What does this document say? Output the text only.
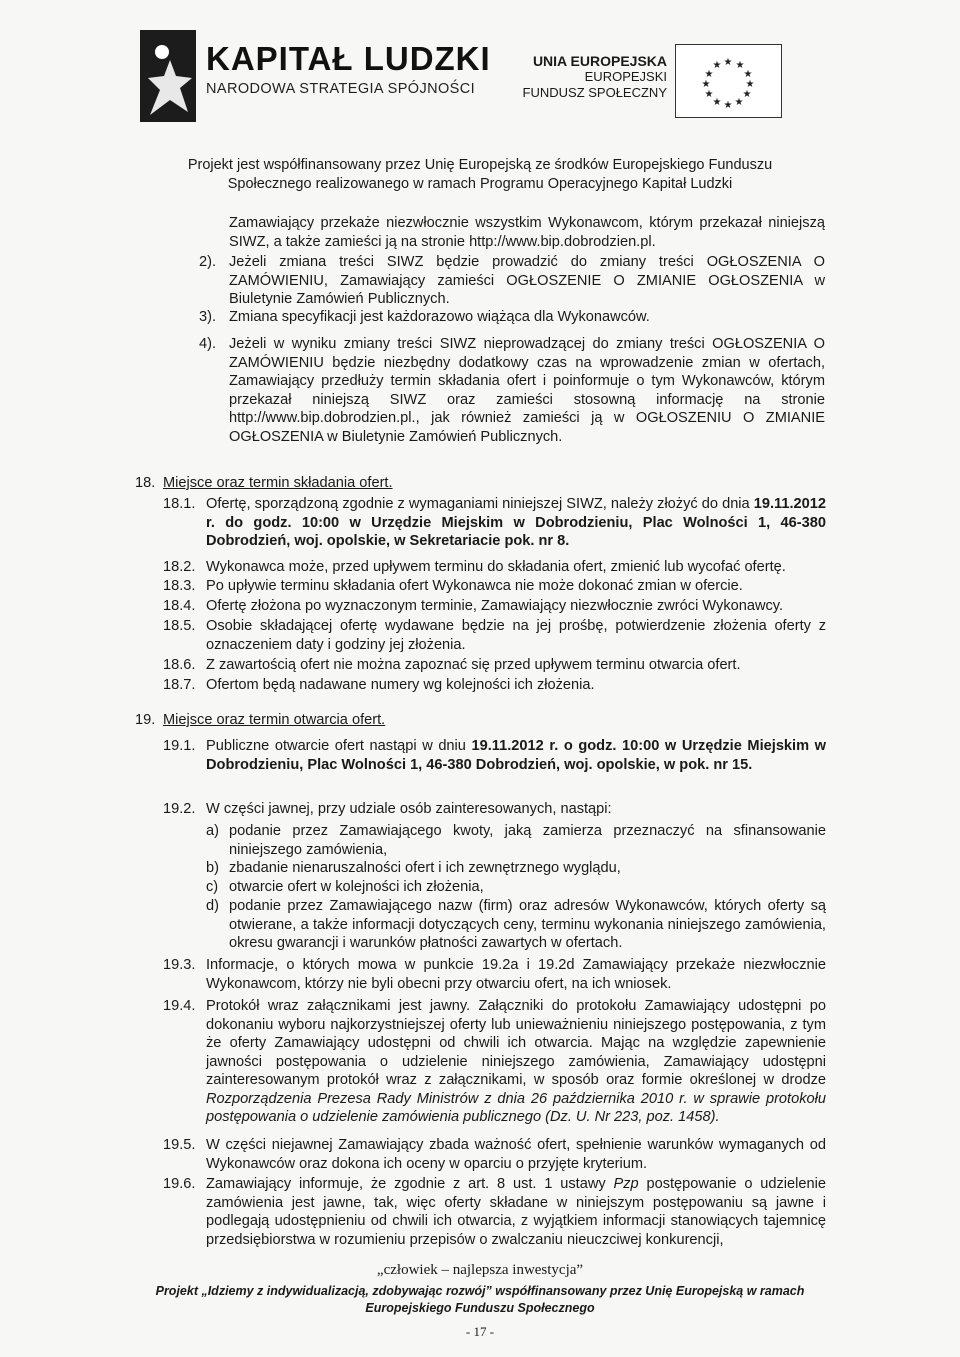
KAPITAŁ LUDZKI
NARODOWA STRATEGIA SPÓJNOŚCI
UNIA EUROPEJSKA
EUROPEJSKI
FUNDUSZ SPOŁECZNY
★ ★
★
★
★
★
★
★
★
★
★
★
Projekt jest współfinansowany przez Unię Europejską ze środków Europejskiego Funduszu
Społecznego realizowanego w ramach Programu Operacyjnego Kapitał Ludzki
Zamawiający przekaże niezwłocznie wszystkim Wykonawcom, którym przekazał niniejszą SIWZ, a także zamieści ją na stronie http://www.bip.dobrodzien.pl.
2). Jeżeli zmiana treści SIWZ będzie prowadzić do zmiany treści OGŁOSZENIA O ZAMÓWIENIU, Zamawiający zamieści OGŁOSZENIE O ZMIANIE OGŁOSZENIA w Biuletynie Zamówień Publicznych.
3). Zmiana specyfikacji jest każdorazowo wiążąca dla Wykonawców.
4). Jeżeli w wyniku zmiany treści SIWZ nieprowadzącej do zmiany treści OGŁOSZENIA O ZAMÓWIENIU będzie niezbędny dodatkowy czas na wprowadzenie zmian w ofertach, Zamawiający przedłuży termin składania ofert i poinformuje o tym Wykonawców, którym przekazał niniejszą SIWZ oraz zamieści stosowną informację na stronie http://www.bip.dobrodzien.pl., jak również zamieści ją w OGŁOSZENIU O ZMIANIE OGŁOSZENIA w Biuletynie Zamówień Publicznych.
18. Miejsce oraz termin składania ofert.
18.1. Ofertę, sporządzoną zgodnie z wymaganiami niniejszej SIWZ, należy złożyć do dnia 19.11.2012 r. do godz. 10:00 w Urzędzie Miejskim w Dobrodzieniu, Plac Wolności 1, 46-380 Dobrodzień, woj. opolskie, w Sekretariacie pok. nr 8.
18.2. Wykonawca może, przed upływem terminu do składania ofert, zmienić lub wycofać ofertę.
18.3. Po upływie terminu składania ofert Wykonawca nie może dokonać zmian w ofercie.
18.4. Ofertę złożona po wyznaczonym terminie, Zamawiający niezwłocznie zwróci Wykonawcy.
18.5. Osobie składającej ofertę wydawane będzie na jej prośbę, potwierdzenie złożenia oferty z oznaczeniem daty i godziny jej złożenia.
18.6. Z zawartością ofert nie można zapoznać się przed upływem terminu otwarcia ofert.
18.7. Ofertom będą nadawane numery wg kolejności ich złożenia.
19. Miejsce oraz termin otwarcia ofert.
19.1. Publiczne otwarcie ofert nastąpi w dniu 19.11.2012 r. o godz. 10:00 w Urzędzie Miejskim w Dobrodzieniu, Plac Wolności 1, 46-380 Dobrodzień, woj. opolskie, w pok. nr 15.
19.2. W części jawnej, przy udziale osób zainteresowanych, nastąpi:
a) podanie przez Zamawiającego kwoty, jaką zamierza przeznaczyć na sfinansowanie niniejszego zamówienia,
b) zbadanie nienaruszalności ofert i ich zewnętrznego wyglądu,
c) otwarcie ofert w kolejności ich złożenia,
d) podanie przez Zamawiającego nazw (firm) oraz adresów Wykonawców, których oferty są otwierane, a także informacji dotyczących ceny, terminu wykonania niniejszego zamówienia, okresu gwarancji i warunków płatności zawartych w ofertach.
19.3. Informacje, o których mowa w punkcie 19.2a i 19.2d Zamawiający przekaże niezwłocznie Wykonawcom, którzy nie byli obecni przy otwarciu ofert, na ich wniosek.
19.4. Protokół wraz załącznikami jest jawny. Załączniki do protokołu Zamawiający udostępni po dokonaniu wyboru najkorzystniejszej oferty lub unieważnieniu niniejszego postępowania, z tym że oferty Zamawiający udostępni od chwili ich otwarcia. Mając na względzie zapewnienie jawności postępowania o udzielenie niniejszego zamówienia, Zamawiający udostępni zainteresowanym protokół wraz z załącznikami, w sposób oraz formie określonej w drodze Rozporządzenia Prezesa Rady Ministrów z dnia 26 października 2010 r. w sprawie protokołu postępowania o udzielenie zamówienia publicznego (Dz. U. Nr 223, poz. 1458).
19.5. W części niejawnej Zamawiający zbada ważność ofert, spełnienie warunków wymaganych od Wykonawców oraz dokona ich oceny w oparciu o przyjęte kryterium.
19.6. Zamawiający informuje, że zgodnie z art. 8 ust. 1 ustawy Pzp postępowanie o udzielenie zamówienia jest jawne, tak, więc oferty składane w niniejszym postępowaniu są jawne i podlegają udostępnieniu od chwili ich otwarcia, z wyjątkiem informacji stanowiących tajemnicę przedsiębiorstwa w rozumieniu przepisów o zwalczaniu nieuczciwej konkurencji,
„człowiek – najlepsza inwestycja”
Projekt „Idziemy z indywidualizacją, zdobywając rozwój” współfinansowany przez Unię Europejską w ramach
Europejskiego Funduszu Społecznego
- 17 -
